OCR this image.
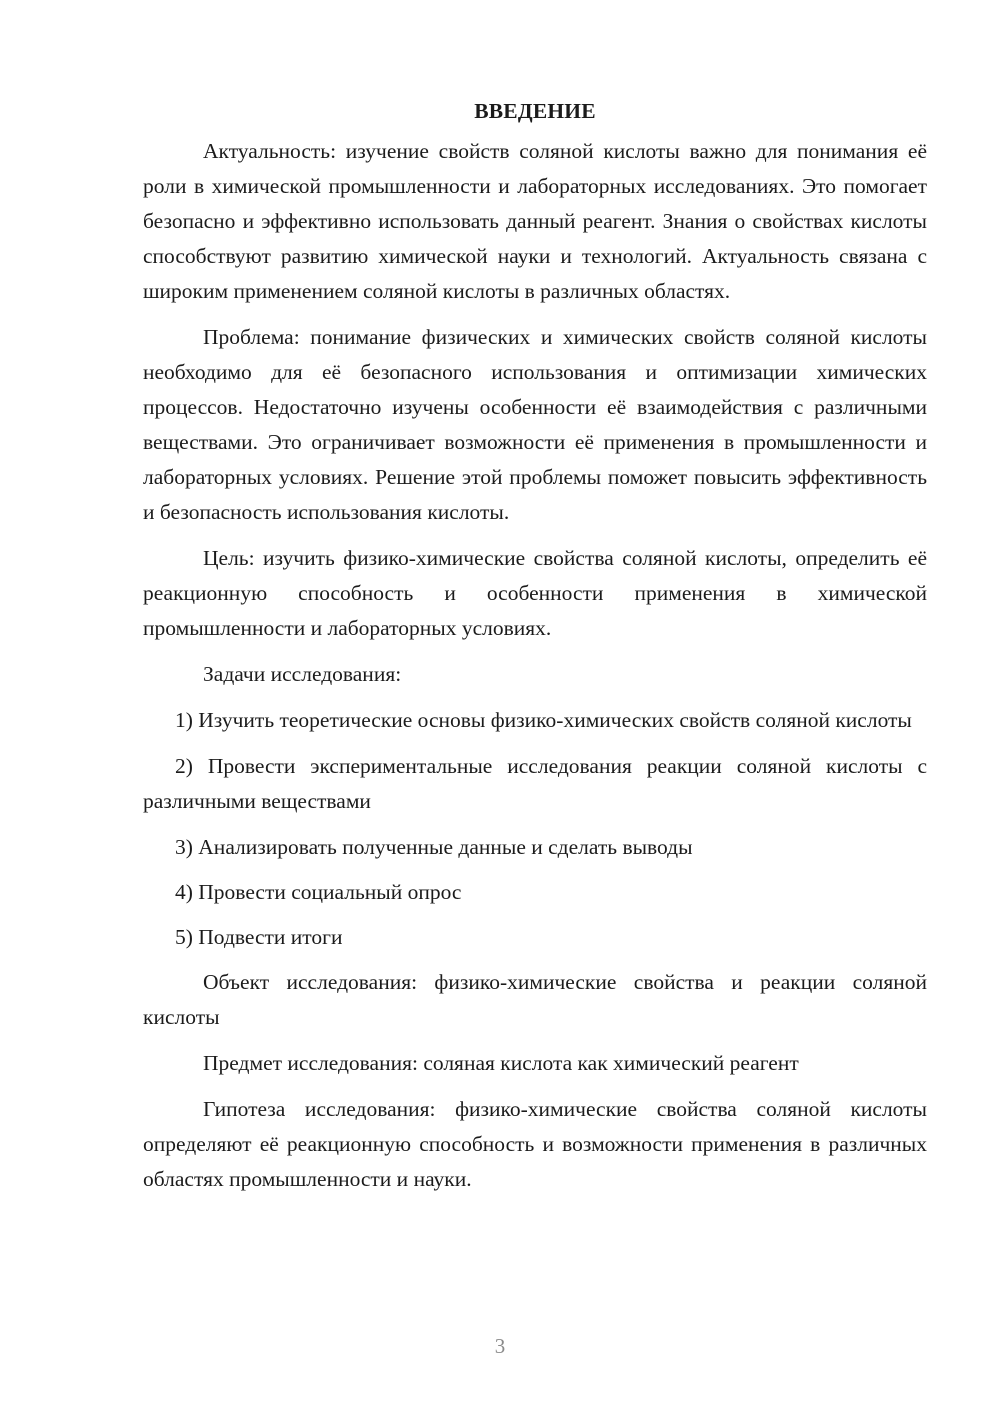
ВВЕДЕНИЕ

Актуальность: изучение свойств соляной кислоты важно для понимания её роли в химической промышленности и лабораторных исследованиях. Это помогает безопасно и эффективно использовать данный реагент. Знания о свойствах кислоты способствуют развитию химической науки и технологий. Актуальность связана с широким применением соляной кислоты в различных областях.

Проблема: понимание физических и химических свойств соляной кислоты необходимо для её безопасного использования и оптимизации химических процессов. Недостаточно изучены особенности её взаимодействия с различными веществами. Это ограничивает возможности её применения в промышленности и лабораторных условиях. Решение этой проблемы поможет повысить эффективность и безопасность использования кислоты.

Цель: изучить физико-химические свойства соляной кислоты, определить её реакционную способность и особенности применения в химической промышленности и лабораторных условиях.

Задачи исследования:

1) Изучить теоретические основы физико-химических свойств соляной кислоты

2) Провести экспериментальные исследования реакции соляной кислоты с различными веществами

3) Анализировать полученные данные и сделать выводы

4) Провести социальный опрос

5) Подвести итоги

Объект исследования: физико-химические свойства и реакции соляной кислоты

Предмет исследования: соляная кислота как химический реагент

Гипотеза исследования: физико-химические свойства соляной кислоты определяют её реакционную способность и возможности применения в различных областях промышленности и науки.

3
